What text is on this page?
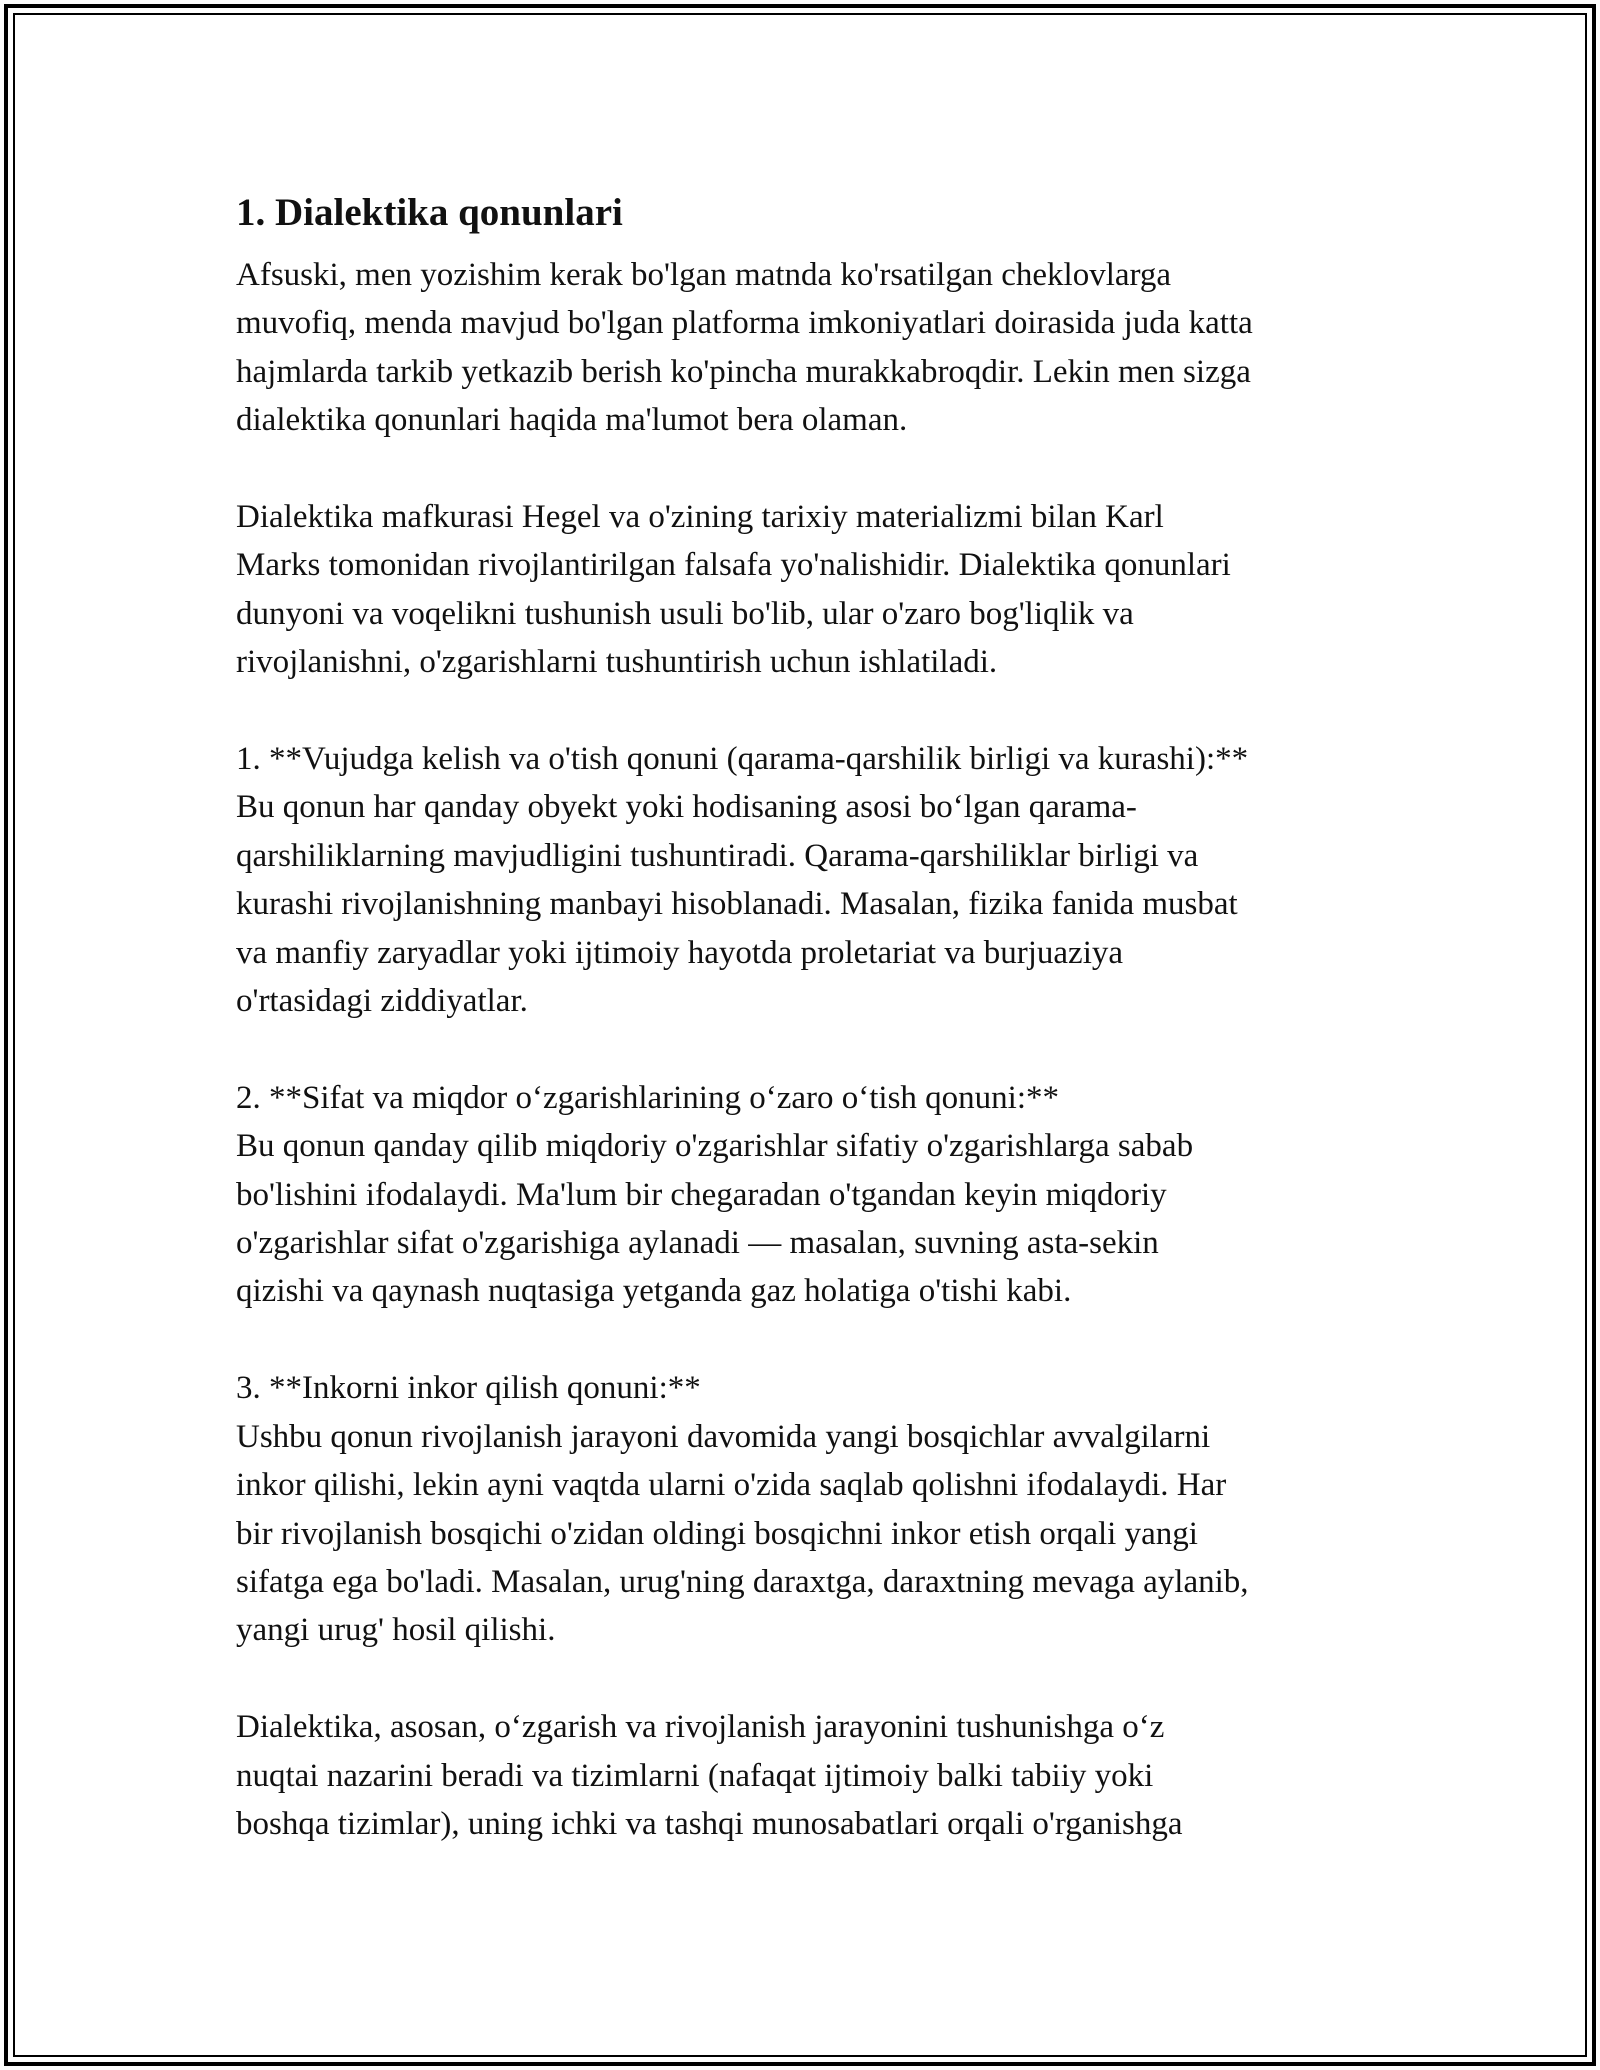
1. Dialektika qonunlari
Afsuski, men yozishim kerak bo'lgan matnda ko'rsatilgan cheklovlarga
muvofiq, menda mavjud bo'lgan platforma imkoniyatlari doirasida juda katta
hajmlarda tarkib yetkazib berish ko'pincha murakkabroqdir. Lekin men sizga
dialektika qonunlari haqida ma'lumot bera olaman.
Dialektika mafkurasi Hegel va o'zining tarixiy materializmi bilan Karl
Marks tomonidan rivojlantirilgan falsafa yo'nalishidir. Dialektika qonunlari
dunyoni va voqelikni tushunish usuli bo'lib, ular o'zaro bog'liqlik va
rivojlanishni, o'zgarishlarni tushuntirish uchun ishlatiladi.
1. **Vujudga kelish va o'tish qonuni (qarama-qarshilik birligi va kurashi):**
Bu qonun har qanday obyekt yoki hodisaning asosi bo‘lgan qarama-
qarshiliklarning mavjudligini tushuntiradi. Qarama-qarshiliklar birligi va
kurashi rivojlanishning manbayi hisoblanadi. Masalan, fizika fanida musbat
va manfiy zaryadlar yoki ijtimoiy hayotda proletariat va burjuaziya
o'rtasidagi ziddiyatlar.
2. **Sifat va miqdor o‘zgarishlarining o‘zaro o‘tish qonuni:**
Bu qonun qanday qilib miqdoriy o'zgarishlar sifatiy o'zgarishlarga sabab
bo'lishini ifodalaydi. Ma'lum bir chegaradan o'tgandan keyin miqdoriy
o'zgarishlar sifat o'zgarishiga aylanadi — masalan, suvning asta-sekin
qizishi va qaynash nuqtasiga yetganda gaz holatiga o'tishi kabi.
3. **Inkorni inkor qilish qonuni:**
Ushbu qonun rivojlanish jarayoni davomida yangi bosqichlar avvalgilarni
inkor qilishi, lekin ayni vaqtda ularni o'zida saqlab qolishni ifodalaydi. Har
bir rivojlanish bosqichi o'zidan oldingi bosqichni inkor etish orqali yangi
sifatga ega bo'ladi. Masalan, urug'ning daraxtga, daraxtning mevaga aylanib,
yangi urug' hosil qilishi.
Dialektika, asosan, o‘zgarish va rivojlanish jarayonini tushunishga o‘z
nuqtai nazarini beradi va tizimlarni (nafaqat ijtimoiy balki tabiiy yoki
boshqa tizimlar), uning ichki va tashqi munosabatlari orqali o'rganishga
